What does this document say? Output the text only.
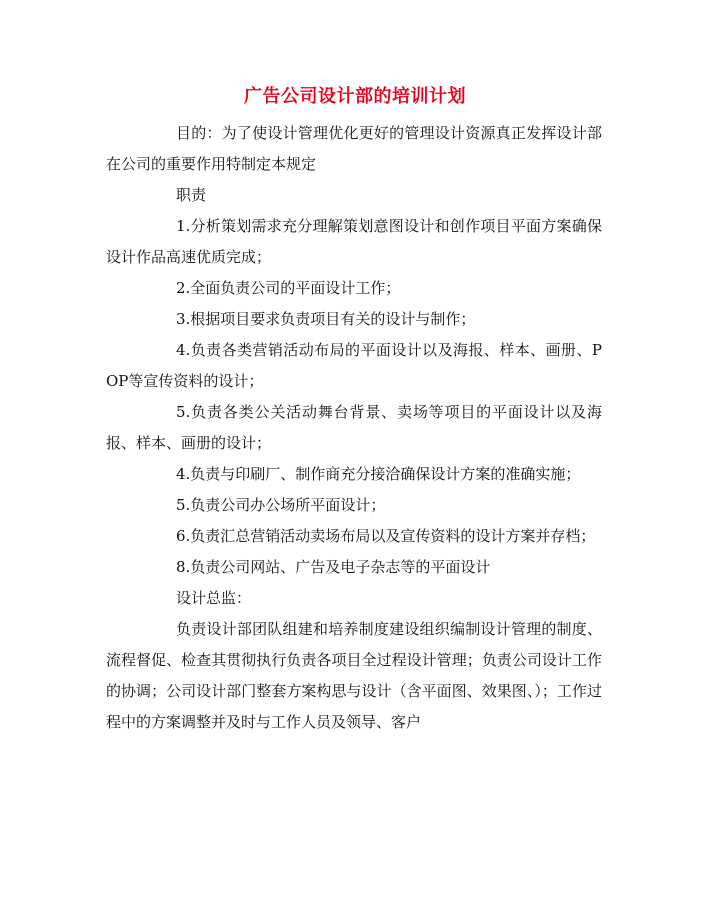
广告公司设计部的培训计划

目的：为了使设计管理优化更好的管理设计资源真正发挥设计部在公司的重要作用特制定本规定

职责

1.分析策划需求充分理解策划意图设计和创作项目平面方案确保设计作品高速优质完成；

2.全面负责公司的平面设计工作；

3.根据项目要求负责项目有关的设计与制作；

4.负责各类营销活动布局的平面设计以及海报、样本、画册、POP等宣传资料的设计；

5.负责各类公关活动舞台背景、卖场等项目的平面设计以及海报、样本、画册的设计；

4.负责与印刷厂、制作商充分接洽确保设计方案的准确实施；

5.负责公司办公场所平面设计；

6.负责汇总营销活动卖场布局以及宣传资料的设计方案并存档；

8.负责公司网站、广告及电子杂志等的平面设计

设计总监：

负责设计部团队组建和培养制度建设组织编制设计管理的制度、流程督促、检查其贯彻执行负责各项目全过程设计管理；负责公司设计工作的协调；公司设计部门整套方案构思与设计（含平面图、效果图、）；工作过程中的方案调整并及时与工作人员及领导、客户
